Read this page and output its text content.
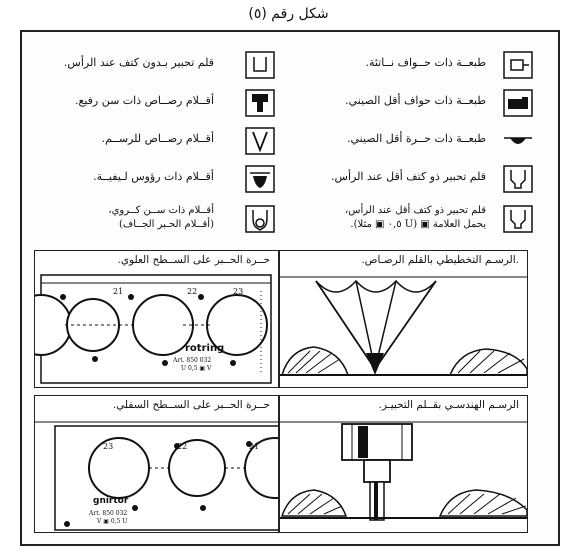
شكل رقم (٥)
طبعــة ذات حــواف نــاتئة.
قلم تحبير بـدون كتف عند الرأس.
طبعــة ذات حواف أقل الصيني.
أقــلام رصــاص ذات سن رفيع.
طبعــة ذات حــرة أقل الصيني.
أقــلام رصــاص للرســم.
قلم تحبير ذو كتف أقل عند الرأس.
أقــلام ذات رؤوس لـيفيــة.
قلم تحبير ذو كتف أقل عند الرأس،
يحمل العلامة ▣ (U ٠,٥ ▣ مثلا).
أقــلام ذات ســن كــروي،
(أقــلام الحـبر الجــاف)
حــرة الحــبر على الســطح العلوي.
21	22	23
rotring
Art. 850 032
U 0,5 ▣ V
.الرسـم التخطيطي بالقلم الرصـاص.
حــرة الحــبر على الســطح السفلي.
23	22	21
gnirtor
Art. 850 032
V ▣ 0,5 U
الرسـم الهندسـي بقــلم التحبيـر.
